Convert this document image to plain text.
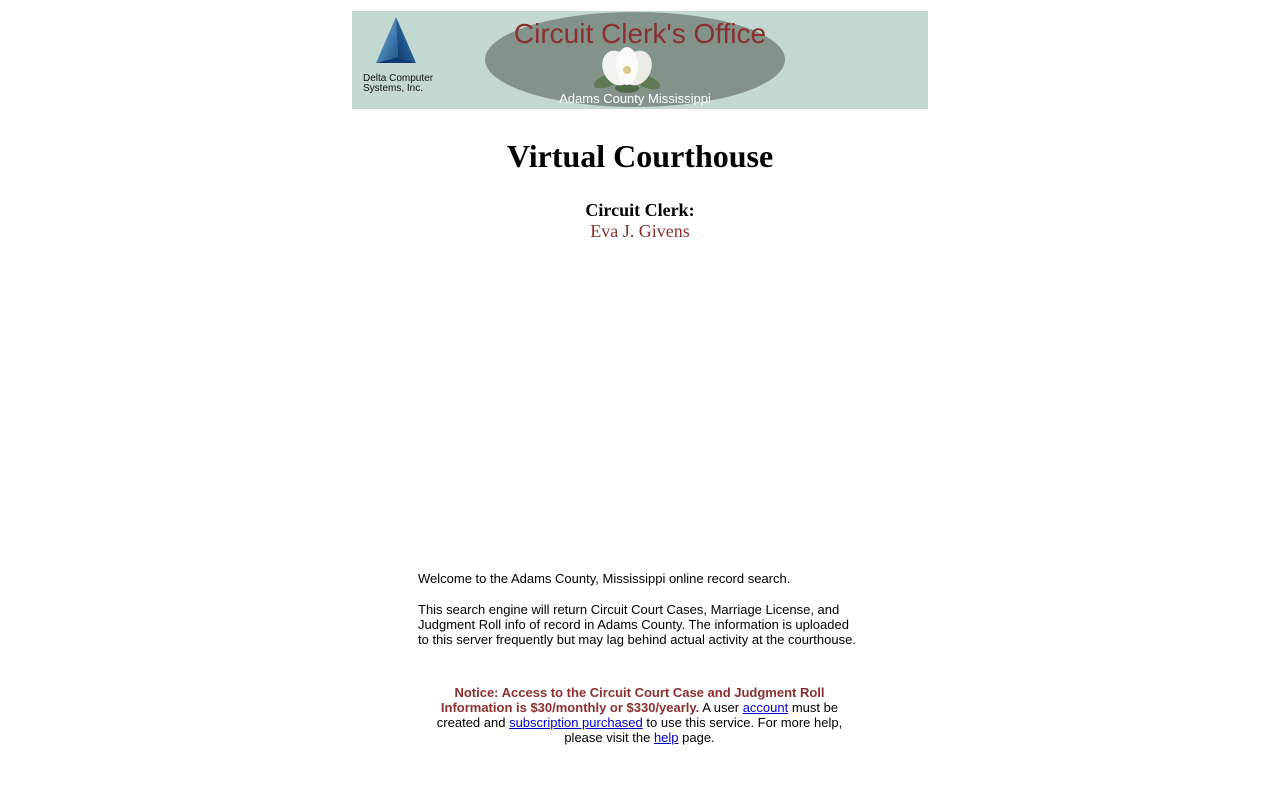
Delta Computer
Systems, Inc.
Circuit Clerk's Office
Adams County Mississippi
Virtual Courthouse
Circuit Clerk:
Eva J. Givens

Welcome to the Adams County, Mississippi online record search.

This search engine will return Circuit Court Cases, Marriage License, and Judgment Roll info of record in Adams County. The information is uploaded to this server frequently but may lag behind actual activity at the courthouse.

Notice: Access to the Circuit Court Case and Judgment Roll Information is $30/monthly or $330/yearly. A user account must be created and subscription purchased to use this service. For more help, please visit the help page.
